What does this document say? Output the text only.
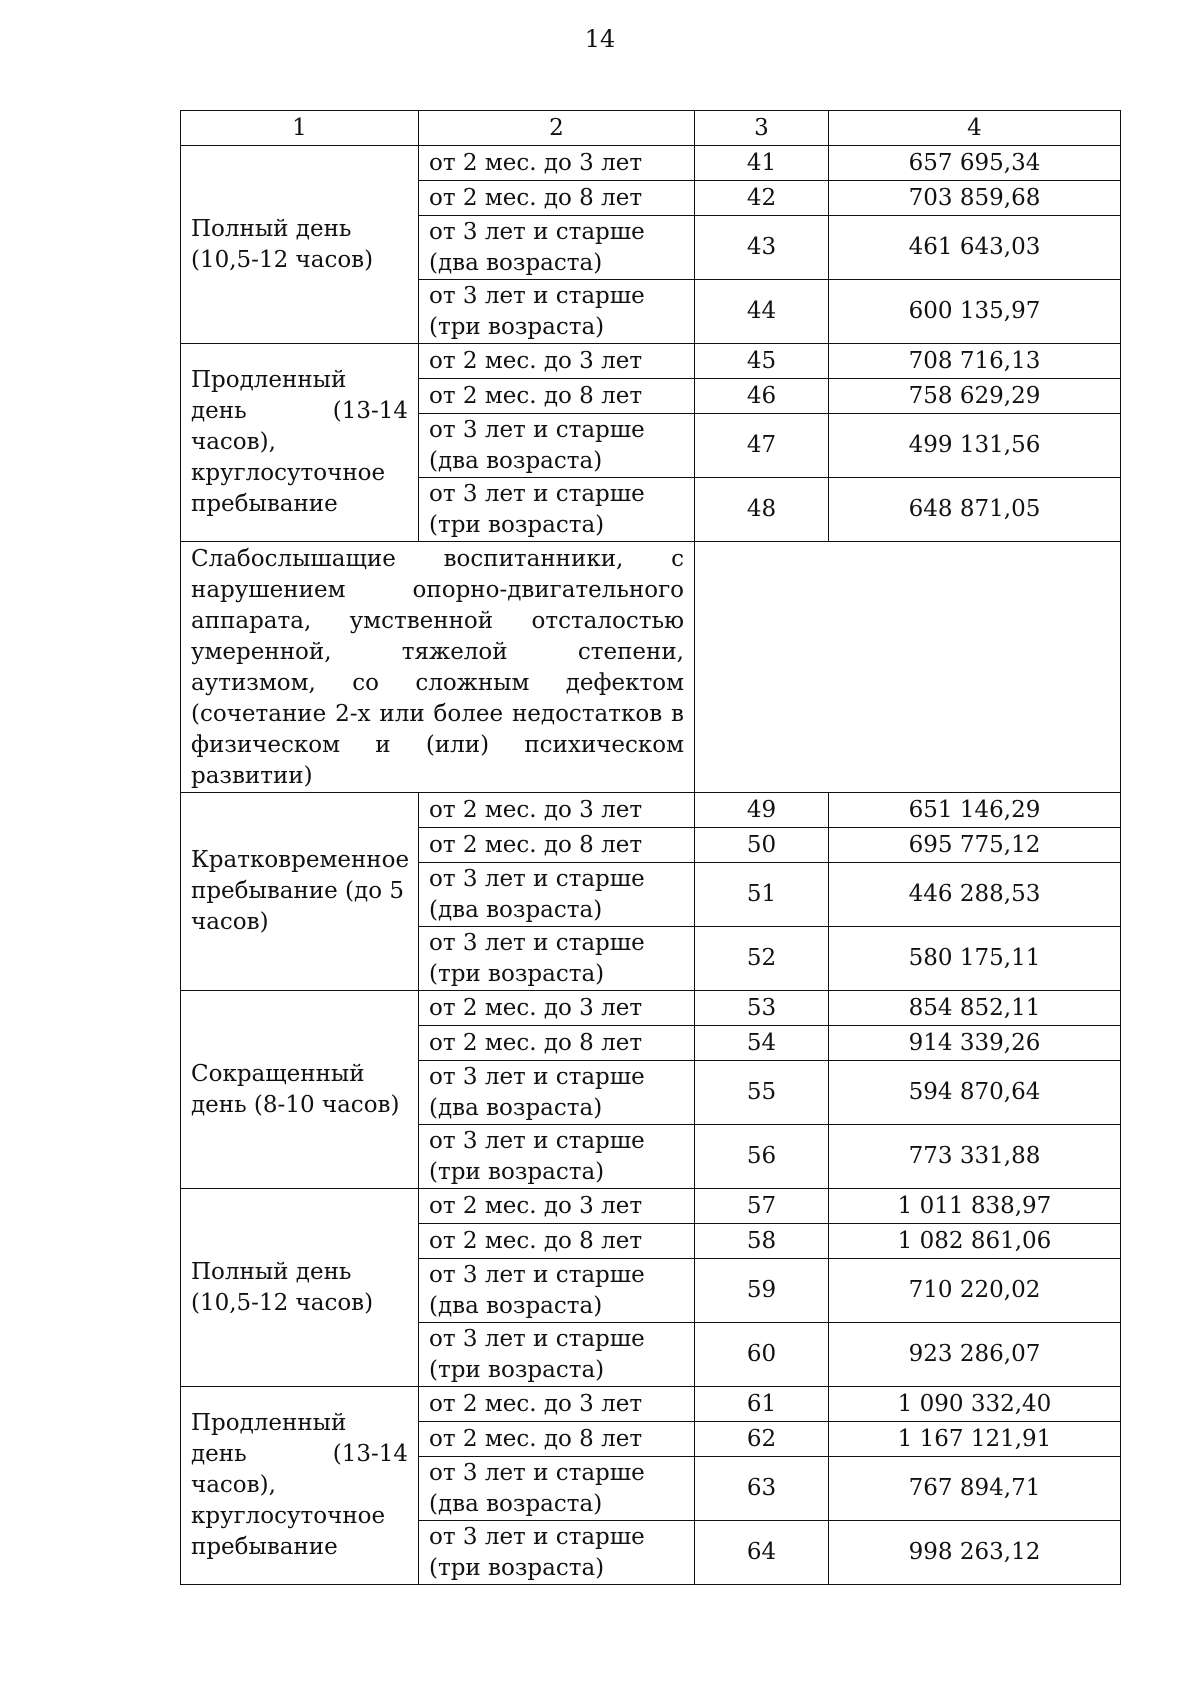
14
1	2	3	4
Полный день (10,5-12 часов)	от 2 мес. до 3 лет	41	657 695,34
	от 2 мес. до 8 лет	42	703 859,68
	от 3 лет и старше (два возраста)	43	461 643,03
	от 3 лет и старше (три возраста)	44	600 135,97
Продленный день (13-14 часов), круглосуточное пребывание	от 2 мес. до 3 лет	45	708 716,13
	от 2 мес. до 8 лет	46	758 629,29
	от 3 лет и старше (два возраста)	47	499 131,56
	от 3 лет и старше (три возраста)	48	648 871,05
Слабослышащие воспитанники, с нарушением опорно-двигательного аппарата, умственной отсталостью умеренной, тяжелой степени, аутизмом, со сложным дефектом (сочетание 2-х или более недостатков в физическом и (или) психическом развитии)			
Кратковременное пребывание (до 5 часов)	от 2 мес. до 3 лет	49	651 146,29
	от 2 мес. до 8 лет	50	695 775,12
	от 3 лет и старше (два возраста)	51	446 288,53
	от 3 лет и старше (три возраста)	52	580 175,11
Сокращенный день (8-10 часов)	от 2 мес. до 3 лет	53	854 852,11
	от 2 мес. до 8 лет	54	914 339,26
	от 3 лет и старше (два возраста)	55	594 870,64
	от 3 лет и старше (три возраста)	56	773 331,88
Полный день (10,5-12 часов)	от 2 мес. до 3 лет	57	1 011 838,97
	от 2 мес. до 8 лет	58	1 082 861,06
	от 3 лет и старше (два возраста)	59	710 220,02
	от 3 лет и старше (три возраста)	60	923 286,07
Продленный день (13-14 часов), круглосуточное пребывание	от 2 мес. до 3 лет	61	1 090 332,40
	от 2 мес. до 8 лет	62	1 167 121,91
	от 3 лет и старше (два возраста)	63	767 894,71
	от 3 лет и старше (три возраста)	64	998 263,12
